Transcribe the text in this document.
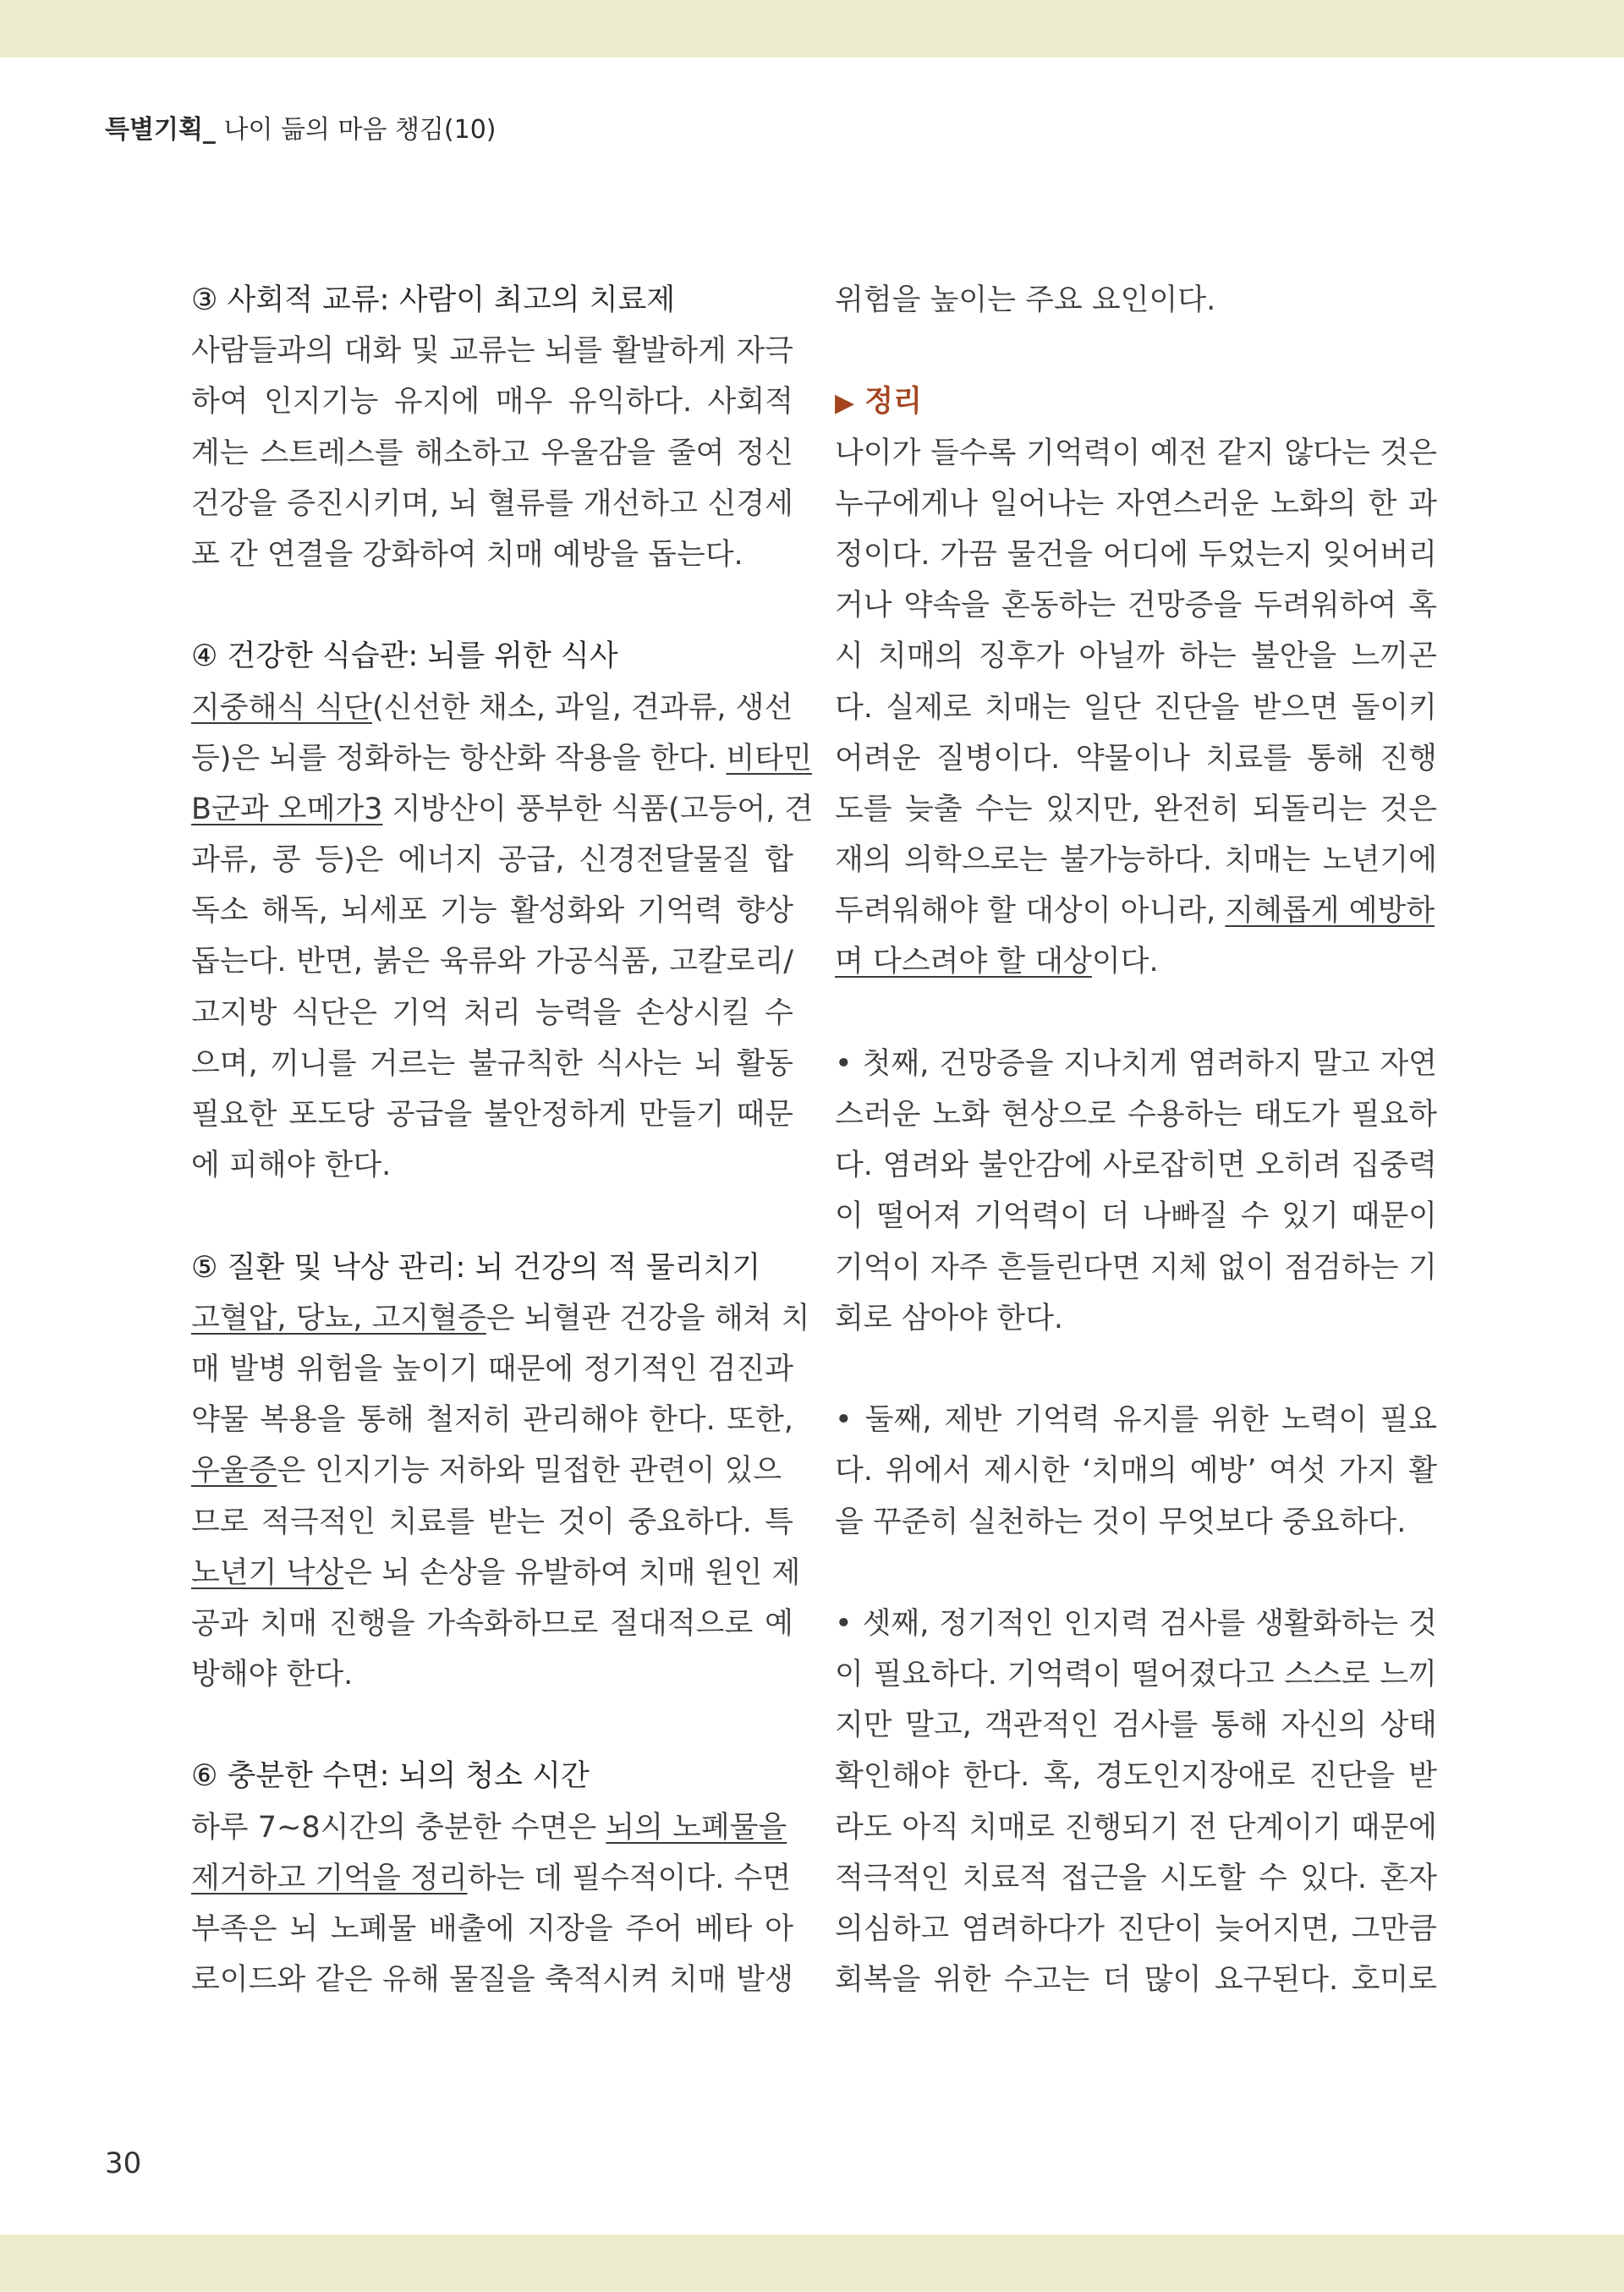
특별기획_ 나이 듦의 마음 챙김(10)
③ 사회적 교류: 사람이 최고의 치료제
사람들과의 대화 및 교류는 뇌를 활발하게 자극
하여 인지기능 유지에 매우 유익하다. 사회적
계는 스트레스를 해소하고 우울감을 줄여 정신
건강을 증진시키며, 뇌 혈류를 개선하고 신경세
포 간 연결을 강화하여 치매 예방을 돕는다.
④ 건강한 식습관: 뇌를 위한 식사
지중해식 식단(신선한 채소, 과일, 견과류, 생선
등)은 뇌를 정화하는 항산화 작용을 한다. 비타민
B군과 오메가3 지방산이 풍부한 식품(고등어, 견
과류, 콩 등)은 에너지 공급, 신경전달물질 합
독소 해독, 뇌세포 기능 활성화와 기억력 향상
돕는다. 반면, 붉은 육류와 가공식품, 고칼로리/
고지방 식단은 기억 처리 능력을 손상시킬 수
으며, 끼니를 거르는 불규칙한 식사는 뇌 활동
필요한 포도당 공급을 불안정하게 만들기 때문
에 피해야 한다.
⑤ 질환 및 낙상 관리: 뇌 건강의 적 물리치기
고혈압, 당뇨, 고지혈증은 뇌혈관 건강을 해쳐 치
매 발병 위험을 높이기 때문에 정기적인 검진과
약물 복용을 통해 철저히 관리해야 한다. 또한,
우울증은 인지기능 저하와 밀접한 관련이 있으
므로 적극적인 치료를 받는 것이 중요하다. 특
노년기 낙상은 뇌 손상을 유발하여 치매 원인 제
공과 치매 진행을 가속화하므로 절대적으로 예
방해야 한다.
⑥ 충분한 수면: 뇌의 청소 시간
하루 7~8시간의 충분한 수면은 뇌의 노폐물을
제거하고 기억을 정리하는 데 필수적이다. 수면
부족은 뇌 노폐물 배출에 지장을 주어 베타 아
로이드와 같은 유해 물질을 축적시켜 치매 발생
위험을 높이는 주요 요인이다.
▶ 정리
나이가 들수록 기억력이 예전 같지 않다는 것은
누구에게나 일어나는 자연스러운 노화의 한 과
정이다. 가끔 물건을 어디에 두었는지 잊어버리
거나 약속을 혼동하는 건망증을 두려워하여 혹
시 치매의 징후가 아닐까 하는 불안을 느끼곤
다. 실제로 치매는 일단 진단을 받으면 돌이키
어려운 질병이다. 약물이나 치료를 통해 진행
도를 늦출 수는 있지만, 완전히 되돌리는 것은
재의 의학으로는 불가능하다. 치매는 노년기에
두려워해야 할 대상이 아니라, 지혜롭게 예방하
며 다스려야 할 대상이다.
• 첫째, 건망증을 지나치게 염려하지 말고 자연
스러운 노화 현상으로 수용하는 태도가 필요하
다. 염려와 불안감에 사로잡히면 오히려 집중력
이 떨어져 기억력이 더 나빠질 수 있기 때문이
기억이 자주 흔들린다면 지체 없이 점검하는 기
회로 삼아야 한다.
• 둘째, 제반 기억력 유지를 위한 노력이 필요
다. 위에서 제시한 ‘치매의 예방’ 여섯 가지 활
을 꾸준히 실천하는 것이 무엇보다 중요하다.
• 셋째, 정기적인 인지력 검사를 생활화하는 것
이 필요하다. 기억력이 떨어졌다고 스스로 느끼
지만 말고, 객관적인 검사를 통해 자신의 상태
확인해야 한다. 혹, 경도인지장애로 진단을 받
라도 아직 치매로 진행되기 전 단계이기 때문에
적극적인 치료적 접근을 시도할 수 있다. 혼자
의심하고 염려하다가 진단이 늦어지면, 그만큼
회복을 위한 수고는 더 많이 요구된다. 호미로
30
